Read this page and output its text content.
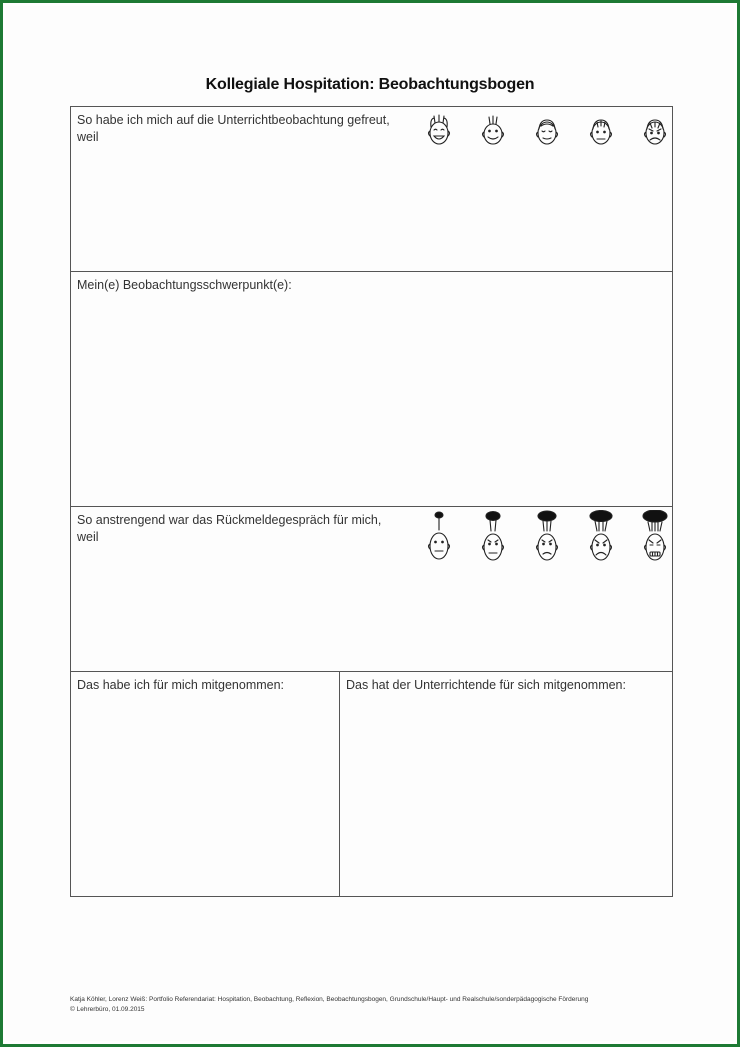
Kollegiale Hospitation: Beobachtungsbogen
So habe ich mich auf die Unterrichtbeobachtung gefreut,
weil
Mein(e) Beobachtungsschwerpunkt(e):
So anstrengend war das Rückmeldegespräch für mich,
weil
Das habe ich für mich mitgenommen:	Das hat der Unterrichtende für sich mitgenommen:
Katja Köhler, Lorenz Weiß: Portfolio Referendariat: Hospitation, Beobachtung, Reflexion, Beobachtungsbogen, Grundschule/Haupt- und Realschule/sonderpädagogische Förderung
© Lehrerbüro, 01.09.2015
